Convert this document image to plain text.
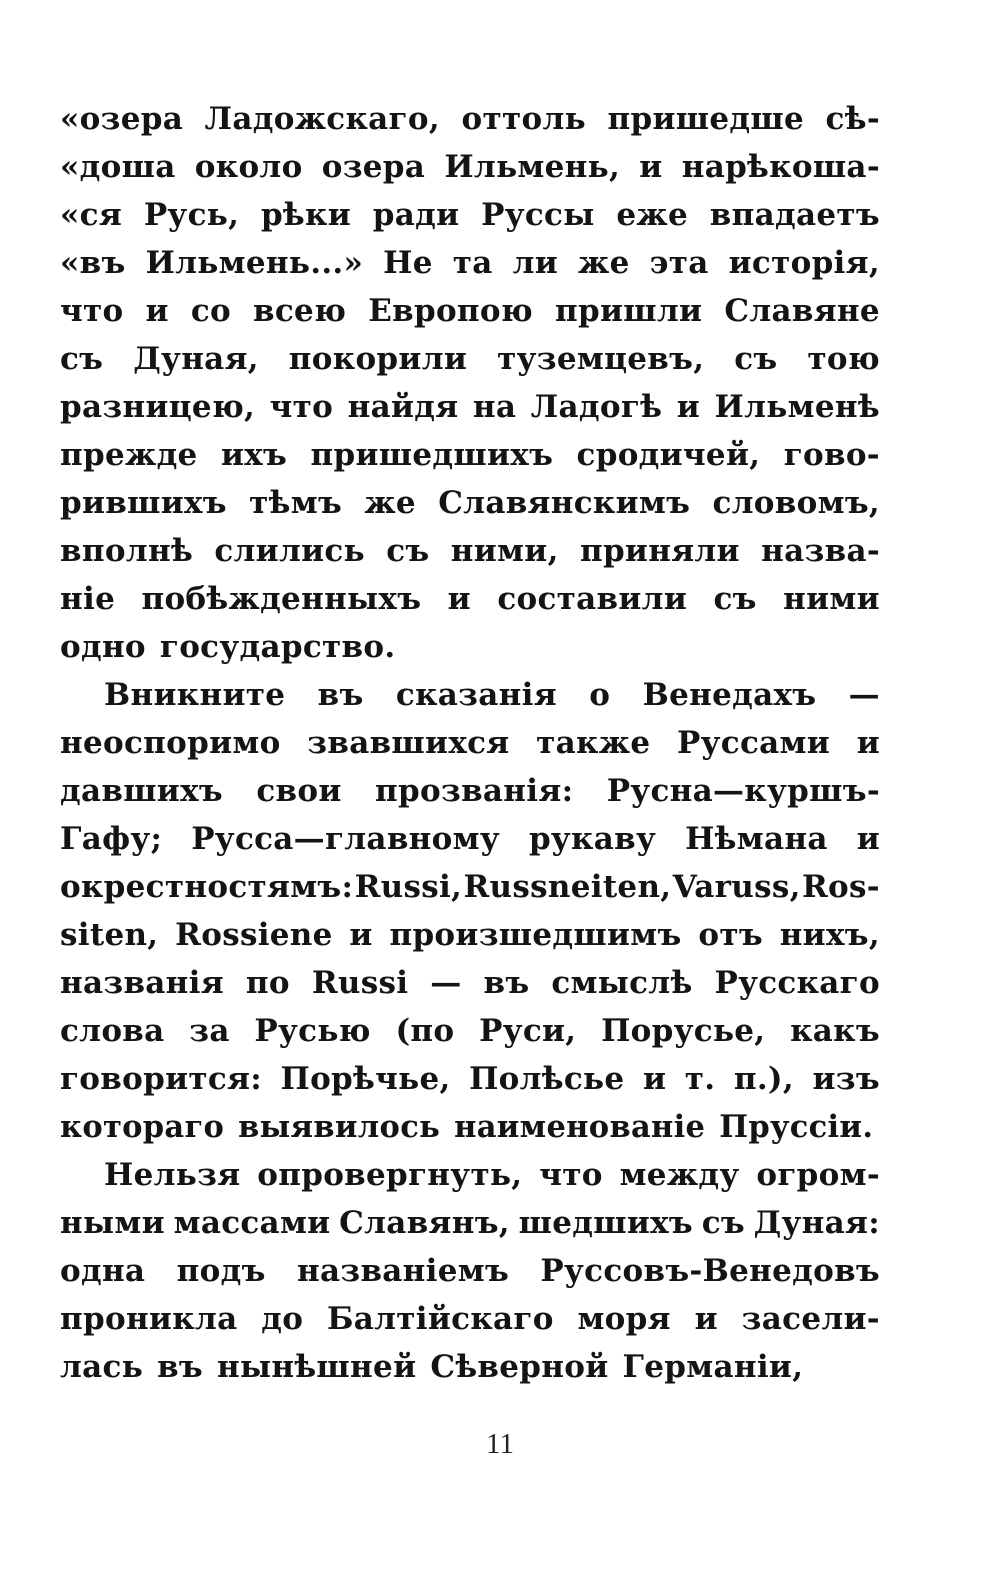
«озера Ладожскаго, оттоль пришедше сѣ-
«доша около озера Ильмень, и нарѣкоша-
«ся Русь, рѣки ради Руссы еже впадаетъ
«въ Ильмень...» Не та ли же эта исторія,
что и со всею Европою пришли Славяне
съ Дуная, покорили туземцевъ, съ тою
разницею, что найдя на Ладогѣ и Ильменѣ
прежде ихъ пришедшихъ сродичей, гово-
рившихъ тѣмъ же Славянскимъ словомъ,
вполнѣ слились съ ними, приняли назва-
ніе побѣжденныхъ и составили съ ними
одно государство.
Вникните въ сказанія о Венедахъ —
неоспоримо звавшихся также Руссами и
давшихъ свои прозванія: Русна—куршъ-
Гафу; Русса—главному рукаву Нѣмана и
окрестностямъ: Russi, Russneiten, Varuss, Ros-
siten, Rossiene и произшедшимъ отъ нихъ,
названія по Russi — въ смыслѣ Русскаго
слова за Русью (по Руси, Порусье, какъ
говорится: Порѣчье, Полѣсье и т. п.), изъ
котораго выявилось наименованіе Пруссіи.
Нельзя опровергнуть, что между огром-
ными массами Славянъ, шедшихъ съ Дуная:
одна подъ названіемъ Руссовъ-Венедовъ
проникла до Балтійскаго моря и засели-
лась въ нынѣшней Сѣверной Германіи,
11
